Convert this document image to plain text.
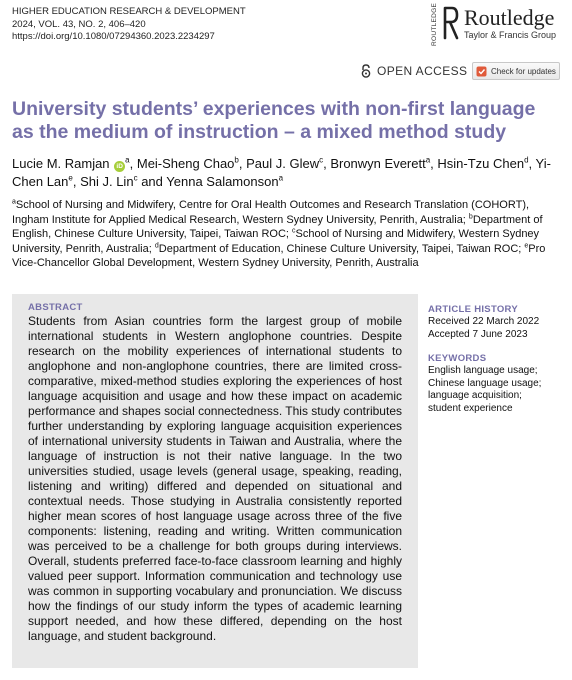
HIGHER EDUCATION RESEARCH & DEVELOPMENT
2024, VOL. 43, NO. 2, 406–420
https://doi.org/10.1080/07294360.2023.2234297	ROUTLEDGE Routledge
Taylor & Francis Group
OPEN ACCESS	Check for updates
University students’ experiences with non-first language as the medium of instruction – a mixed method study
Lucie M. Ramjan $iD^a$, Mei-Sheng Chao$^b$, Paul J. Glew$^c$, Bronwyn Everett$^a$, Hsin-Tzu Chen$^d$, Yi-Chen Lan$^e$, Shi J. Lin$^c$ and Yenna Salamonson$^a$
$^a$School of Nursing and Midwifery, Centre for Oral Health Outcomes and Research Translation (COHORT), Ingham Institute for Applied Medical Research, Western Sydney University, Penrith, Australia; $^b$Department of English, Chinese Culture University, Taipei, Taiwan ROC; $^c$School of Nursing and Midwifery, Western Sydney University, Penrith, Australia; $^d$Department of Education, Chinese Culture University, Taipei, Taiwan ROC; $^e$Pro Vice-Chancellor Global Development, Western Sydney University, Penrith, Australia
ABSTRACT

Students from Asian countries form the largest group of mobile international students in Western anglophone countries. Despite research on the mobility experiences of international students to anglophone and non-anglophone countries, there are limited cross-comparative, mixed-method studies exploring the experiences of host language acquisition and usage and how these impact on academic performance and shapes social connectedness. This study contributes further understanding by exploring language acquisition experiences of international university students in Taiwan and Australia, where the language of instruction is not their native language. In the two universities studied, usage levels (general usage, speaking, reading, listening and writing) differed and depended on situational and contextual needs. Those studying in Australia consistently reported higher mean scores of host language usage across three of the five components: listening, reading and writing. Written communication was perceived to be a challenge for both groups during interviews. Overall, students preferred face-to-face classroom learning and highly valued peer support. Information communication and technology use was common in supporting vocabulary and pronunciation. We discuss how the findings of our study inform the types of academic learning support needed, and how these differed, depending on the host language, and student background.

ARTICLE HISTORY
Received 22 March 2022
Accepted 7 June 2023
KEYWORDS
English language usage;
Chinese language usage;
language acquisition;
student experience
